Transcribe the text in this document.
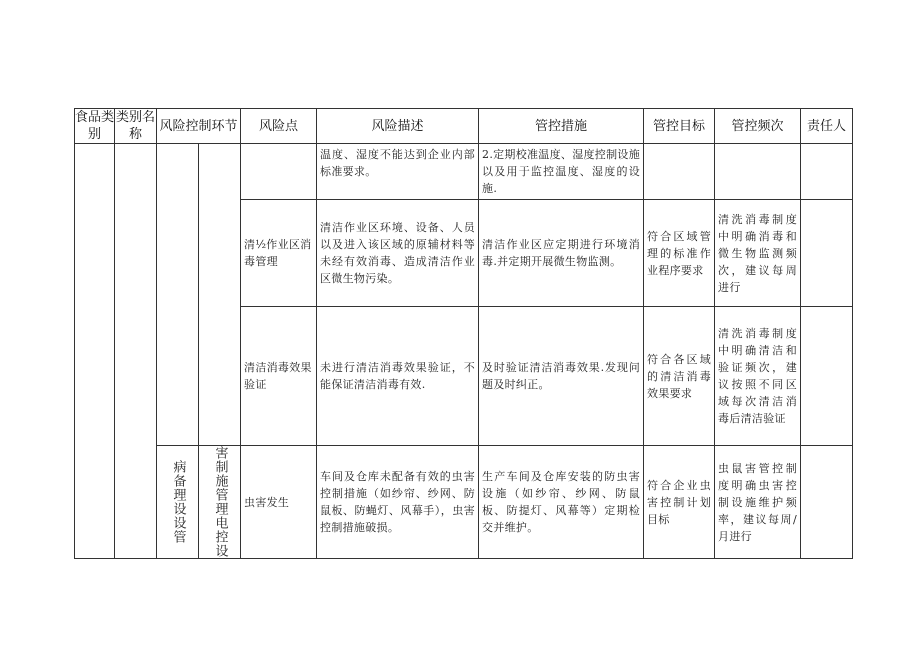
食品类别	类别名称	风险控制环节		风险点	风险描述	管控措施	管控目标	管控频次	责任人
					温度、湿度不能达到企业内部标准要求。	2.定期校准温度、湿度控制设施以及用于监控温度、湿度的设施.			
				清½作业区消毒管理	清洁作业区环境、设备、人员以及进入该区域的原辅材料等未经有效消毒、造成清洁作业区微生物污染。	清洁作业区应定期进行环境消毒.并定期开展微生物监测。	符合区域管理的标准作业程序要求	清洗消毒制度中明确消毒和微生物监测频次，建议每周进行	
				清洁消毒效果验证	未进行清洁消毒效果验证，不能保证清洁消毒有效.	及时验证清洁消毒效果.发现问题及时纠正。	符合各区域的清洁消毒效果要求	清洗消毒制度中明确清洁和验证频次，建议按照不同区域每次清洁消毒后清洁验证	

		病备理设设管	害制施管理电控设	虫害发生	车间及仓库未配备有效的虫害控制措施（如纱帘、纱网、防鼠板、防蝇灯、风幕手），虫害控制措施破损。	生产车间及仓库安装的防虫害设施（如纱帘、纱网、防鼠板、防提灯、风幕等）定期检交并维护。	符合企业虫害控制计划目标	虫鼠害管控制度明确虫害控制设施维护频率，建议每周/月进行	
